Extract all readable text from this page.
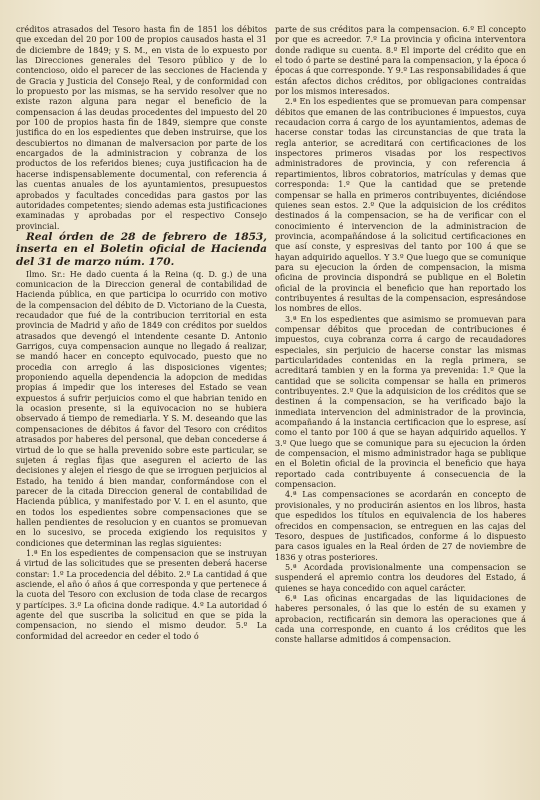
créditos atrasados del Tesoro hasta fin de 1851 los débitos que excedan del 20 por 100 de propios causados hasta el 31 de diciembre de 1849; y S. M., en vista de lo expuesto por las Direcciones generales del Tesoro público y de lo contencioso, oido el parecer de las secciones de Hacienda y de Gracia y Justicia del Consejo Real, y de conformidad con lo propuesto por las mismas, se ha servido resolver que no existe razon alguna para negar el beneficio de la compensacion á las deudas procedentes del impuesto del 20 por 100 de propios hasta fin de 1849, siempre que conste justifica do en los espedientes que deben instruirse, que los descubiertos no dimanan de malversacion por parte de los encargados de la administracion y cobranza de los productos de los referidos bienes; cuya justificacion ha de hacerse indispensablemente documental, con referencia á las cuentas anuales de los ayuntamientos, presupuestos aprobados y facultades concedidas para gastos por las autoridades competentes; siendo ademas esta justificaciones examinadas y aprobadas por el respectivo Consejo provincial.

Real órden de 28 de febrero de 1853, inserta en el Boletin oficial de Hacienda del 31 de marzo núm. 170.

Ilmo. Sr.: He dado cuenta á la Reina (q. D. g.) de una comunicacion de la Direccion general de contabilidad de Hacienda pública, en que participa lo ocurrido con motivo de la compensacion del débito de D. Victoriano de la Cuesta, recaudador que fué de la contribucion territorial en esta provincia de Madrid y año de 1849 con créditos por sueldos atrasados que devengó el intendente cesante D. Antonio Garrigos, cuya compensacion aunque no llegado á realizar, se mandó hacer en concepto equivocado, puesto que no procedia con arreglo á las disposiciones vigentes; proponiendo aquella dependencia la adopcion de medidas propias á impedir que los intereses del Estado se vean expuestos á sufrir perjuicios como el que habrian tenido en la ocasion presente, si la equivocacion no se hubiera observado á tiempo de remediarla. Y S. M. deseando que las compensaciones de débitos á favor del Tesoro con créditos atrasados por haberes del personal, que deban concederse á virtud de lo que se halla prevenido sobre este particular, se sujeten á reglas fijas que aseguren el acierto de las decisiones y alejen el riesgo de que se irroguen perjuicios al Estado, ha tenido á bien mandar, conformándose con el parecer de la citada Direccion general de contabilidad de Hacienda pública, y manifestado por V. I. en el asunto, que en todos los espedientes sobre compensaciones que se hallen pendientes de resolucion y en cuantos se promuevan en lo sucesivo, se proceda exigiendo los requisitos y condiciones que determinan las reglas siguientes:

1.ª En los espedientes de compensacion que se instruyan á virtud de las solicitudes que se presenten deberá hacerse constar: 1.º La procedencia del débito. 2.º La cantidad á que asciende, el año ó años á que corresponda y que pertenece á la cuota del Tesoro con exclusion de toda clase de recargos y partícipes. 3.º La oficina donde radique. 4.º La autoridad ó agente del que suscriba la solicitud en que se pida la compensacion, no siendo el mismo deudor. 5.º La conformidad del acreedor en ceder el todo ó

parte de sus créditos para la compensacion. 6.º El concepto por que es acreedor. 7.º La provincia y oficina interventora donde radique su cuenta. 8.º El importe del crédito que en el todo ó parte se destiné para la compensacion, y la época ó épocas á que corresponde. Y 9.º Las responsabilidades á que están afectos dichos créditos, por obligaciones contraidas por los mismos interesados.

2.ª En los espedientes que se promuevan para compensar débitos que emanen de las contribuciones é impuestos, cuya recaudacion corra á cargo de los ayuntamientos, ademas de hacerse constar todas las circunstancias de que trata la regla anterior, se acreditará con certificaciones de los inspectores primeros visadas por los respectivos administradores de provincia, y con referencia á repartimientos, libros cobratorios, matrículas y demas que corresponda: 1.º Que la cantidad que se pretende compensar se halla en primeros contribuyentes, diciéndose quienes sean estos. 2.º Que la adquisicion de los créditos destinados á la compensacion, se ha de verificar con el conocimiento é intervencion de la administracion de provincia, acompañándose á la solicitud certificaciones en que así conste, y espresivas del tanto por 100 á que se hayan adquirido aquellos. Y 3.º Que luego que se comunique para su ejecucion la órden de compensacion, la misma oficina de provincia dispondrá se publique en el Boletin oficial de la provincia el beneficio que han reportado los contribuyentes á resultas de la compensacion, espresándose los nombres de ellos.

3.ª En los espedientes que asimismo se promuevan para compensar débitos que procedan de contribuciones é impuestos, cuya cobranza corra á cargo de recaudadores especiales, sin perjuicio de hacerse constar las mismas particularidades contenidas en la regla primera, se acreditará tambien y en la forma ya prevenida: 1.º Que la cantidad que se solicita compensar se halla en primeros contribuyentes. 2.º Que la adquisicion de los créditos que se destinen á la compensacion, se ha verificado bajo la inmediata intervencion del administrador de la provincia, acompañando á la instancia certificacion que lo esprese, así como el tanto por 100 á que se hayan adquirido aquellos. Y 3.º Que luego que se comunique para su ejecucion la órden de compensacion, el mismo administrador haga se publique en el Boletin oficial de la provincia el beneficio que haya reportado cada contribuyente á consecuencia de la compensacion.

4.ª Las compensaciones se acordarán en concepto de provisionales, y no producirán asientos en los libros, hasta que espedidos los títulos en equivalencia de los haberes ofrecidos en compensacion, se entreguen en las cajas del Tesoro, despues de justificados, conforme á lo dispuesto para casos iguales en la Real órden de 27 de noviembre de 1836 y otras posteriores.

5.ª Acordada provisionalmente una compensacion se suspenderá el apremio contra los deudores del Estado, á quienes se haya concedido con aquel carácter.

6.ª Las oficinas encargadas de las liquidaciones de haberes personales, ó las que lo estén de su examen y aprobacion, rectificarán sin demora las operaciones que á cada una corresponde, en cuanto á los créditos que les conste hallarse admitidos á compensacion.
